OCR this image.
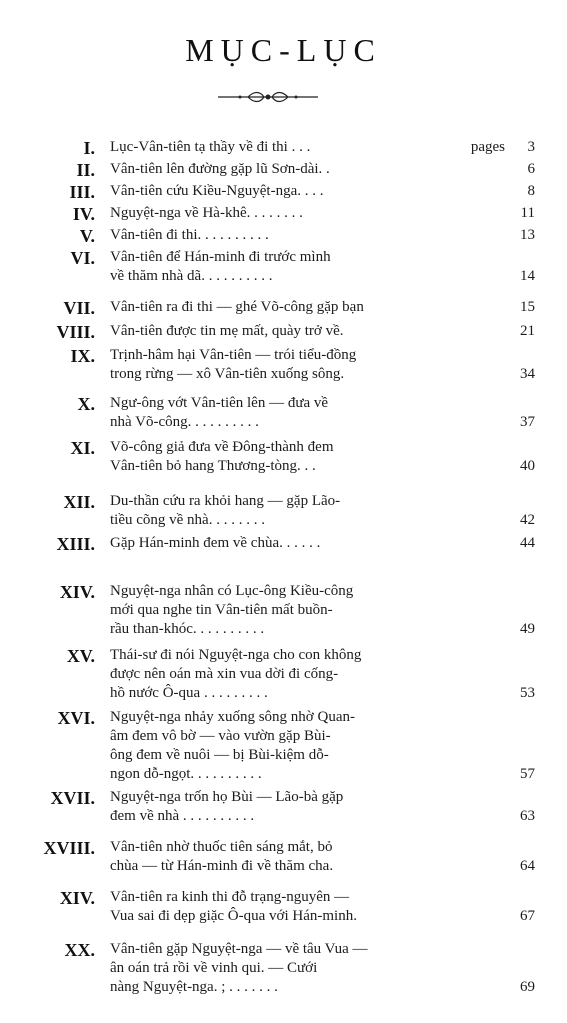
MỤC-LỤC
pages
I. Lục-Vân-tiên tạ thầy về đi thi . . .	3
II. Vân-tiên lên đường gặp lũ Sơn-dài. .	6
III. Vân-tiên cứu Kiều-Nguyệt-nga. . . .	8
IV. Nguyệt-nga về Hà-khê. . . . . . . .	11
V. Vân-tiên đi thi. . . . . . . . . .	13
VI. Vân-tiên để Hán-minh đi trước mình
về thăm nhà dã. . . . . . . . . .	14
VII. Vân-tiên ra đi thi — ghé Võ-công gặp bạn	15
VIII. Vân-tiên được tin mẹ mất, quày trở về.	21
IX. Trịnh-hâm hại Vân-tiên — trói tiểu-đồng
trong rừng — xô Vân-tiên xuống sông.	34
X. Ngư-ông vớt Vân-tiên lên — đưa về
nhà Võ-công. . . . . . . . . .	37
XI. Võ-công giả đưa về Đông-thành đem
Vân-tiên bỏ hang Thương-tòng. . .	40
XII. Du-thần cứu ra khỏi hang — gặp Lão-
tiều cõng về nhà. . . . . . . .	42
XIII. Gặp Hán-minh đem về chùa. . . . . .	44
XIV. Nguyệt-nga nhân có Lục-ông Kiều-công
mới qua nghe tin Vân-tiên mất buồn-
rầu than-khóc. . . . . . . . . .	49
XV. Thái-sư đi nói Nguyệt-nga cho con không
được nên oán mà xin vua dời đi cống-
hồ nước Ô-qua . . . . . . . . .	53
XVI. Nguyệt-nga nhảy xuống sông nhờ Quan-
âm đem vô bờ — vào vườn gặp Bùi-
ông đem về nuôi — bị Bùi-kiệm dỗ-
ngon dỗ-ngọt. . . . . . . . . .	57
XVII. Nguyệt-nga trốn họ Bùi — Lão-bà gặp
đem về nhà . . . . . . . . . .	63
XVIII. Vân-tiên nhờ thuốc tiên sáng mắt, bỏ
chùa — từ Hán-minh đi về thăm cha.	64
XIV. Vân-tiên ra kinh thi đỗ trạng-nguyên —
Vua sai đi dẹp giặc Ô-qua với Hán-minh.	67
XX. Vân-tiên gặp Nguyệt-nga — về tâu Vua —
ân oán trả rồi về vinh qui. — Cưới
nàng Nguyệt-nga. ; . . . . . . .	69
